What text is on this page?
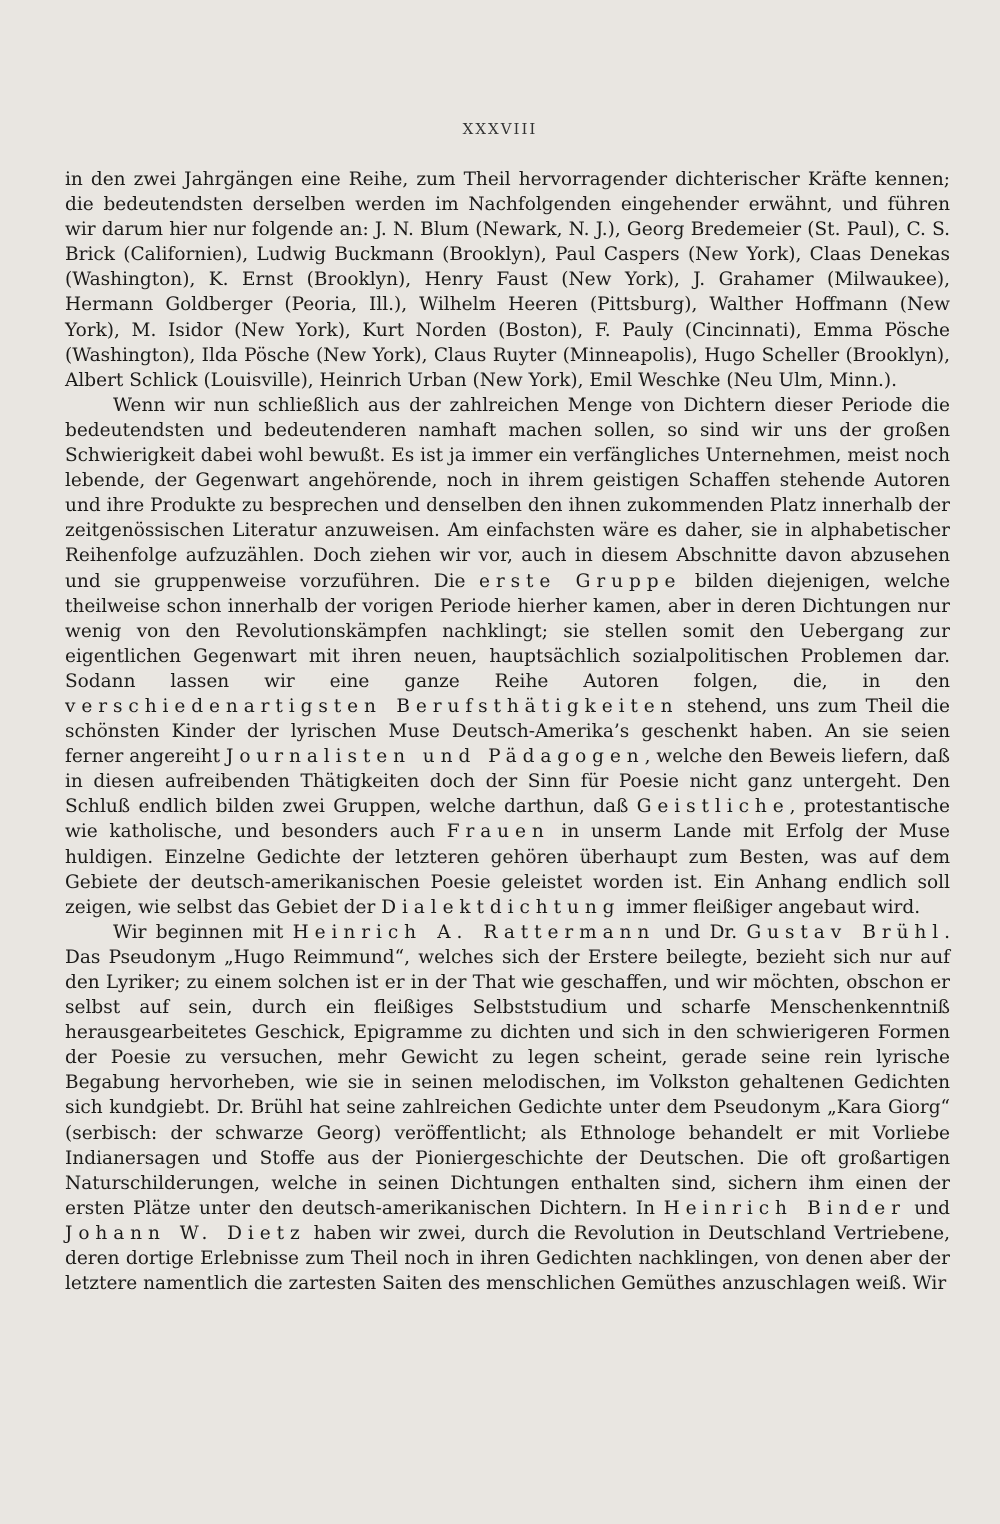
XXXVIII

in den zwei Jahrgängen eine Reihe, zum Theil hervorragender dichterischer Kräfte kennen; die bedeutendsten derselben werden im Nachfolgenden eingehender erwähnt, und führen wir darum hier nur folgende an: J. N. Blum (Newark, N. J.), Georg Bredemeier (St. Paul), C. S. Brick (Californien), Ludwig Buckmann (Brooklyn), Paul Caspers (New York), Claas Denekas (Washington), K. Ernst (Brooklyn), Henry Faust (New York), J. Grahamer (Milwaukee), Hermann Goldberger (Peoria, Ill.), Wilhelm Heeren (Pittsburg), Walther Hoffmann (New York), M. Isidor (New York), Kurt Norden (Boston), F. Pauly (Cincinnati), Emma Pösche (Washington), Ilda Pösche (New York), Claus Ruyter (Minneapolis), Hugo Scheller (Brooklyn), Albert Schlick (Louisville), Heinrich Urban (New York), Emil Weschke (Neu Ulm, Minn.).

Wenn wir nun schließlich aus der zahlreichen Menge von Dichtern dieser Periode die bedeutendsten und bedeutenderen namhaft machen sollen, so sind wir uns der großen Schwierigkeit dabei wohl bewußt. Es ist ja immer ein verfängliches Unternehmen, meist noch lebende, der Gegenwart angehörende, noch in ihrem geistigen Schaffen stehende Autoren und ihre Produkte zu besprechen und denselben den ihnen zukommenden Platz innerhalb der zeitgenössischen Literatur anzuweisen. Am einfachsten wäre es daher, sie in alphabetischer Reihenfolge aufzuzählen. Doch ziehen wir vor, auch in diesem Abschnitte davon abzusehen und sie gruppenweise vorzuführen. Die erste Gruppe bilden diejenigen, welche theilweise schon innerhalb der vorigen Periode hierher kamen, aber in deren Dichtungen nur wenig von den Revolutionskämpfen nachklingt; sie stellen somit den Uebergang zur eigentlichen Gegenwart mit ihren neuen, hauptsächlich sozialpolitischen Problemen dar. Sodann lassen wir eine ganze Reihe Autoren folgen, die, in den verschiedenartigsten Berufsthätigkeiten stehend, uns zum Theil die schönsten Kinder der lyrischen Muse Deutsch-Amerika’s geschenkt haben. An sie seien ferner angereiht Journalisten und Pädagogen, welche den Beweis liefern, daß in diesen aufreibenden Thätigkeiten doch der Sinn für Poesie nicht ganz untergeht. Den Schluß endlich bilden zwei Gruppen, welche darthun, daß Geistliche, protestantische wie katholische, und besonders auch Frauen in unserm Lande mit Erfolg der Muse huldigen. Einzelne Gedichte der letzteren gehören überhaupt zum Besten, was auf dem Gebiete der deutsch-amerikanischen Poesie geleistet worden ist. Ein Anhang endlich soll zeigen, wie selbst das Gebiet der Dialektdichtung immer fleißiger angebaut wird.

Wir beginnen mit Heinrich A. Rattermann und Dr. Gustav Brühl. Das Pseudonym „Hugo Reimmund“, welches sich der Erstere beilegte, bezieht sich nur auf den Lyriker; zu einem solchen ist er in der That wie geschaffen, und wir möchten, obschon er selbst auf sein, durch ein fleißiges Selbststudium und scharfe Menschenkenntniß herausgearbeitetes Geschick, Epigramme zu dichten und sich in den schwierigeren Formen der Poesie zu versuchen, mehr Gewicht zu legen scheint, gerade seine rein lyrische Begabung hervorheben, wie sie in seinen melodischen, im Volkston gehaltenen Gedichten sich kundgiebt. Dr. Brühl hat seine zahlreichen Gedichte unter dem Pseudonym „Kara Giorg“ (serbisch: der schwarze Georg) veröffentlicht; als Ethnologe behandelt er mit Vorliebe Indianersagen und Stoffe aus der Pioniergeschichte der Deutschen. Die oft großartigen Naturschilderungen, welche in seinen Dichtungen enthalten sind, sichern ihm einen der ersten Plätze unter den deutsch-amerikanischen Dichtern. In Heinrich Binder und Johann W. Dietz haben wir zwei, durch die Revolution in Deutschland Vertriebene, deren dortige Erlebnisse zum Theil noch in ihren Gedichten nachklingen, von denen aber der letztere namentlich die zartesten Saiten des menschlichen Gemüthes anzuschlagen weiß. Wir
